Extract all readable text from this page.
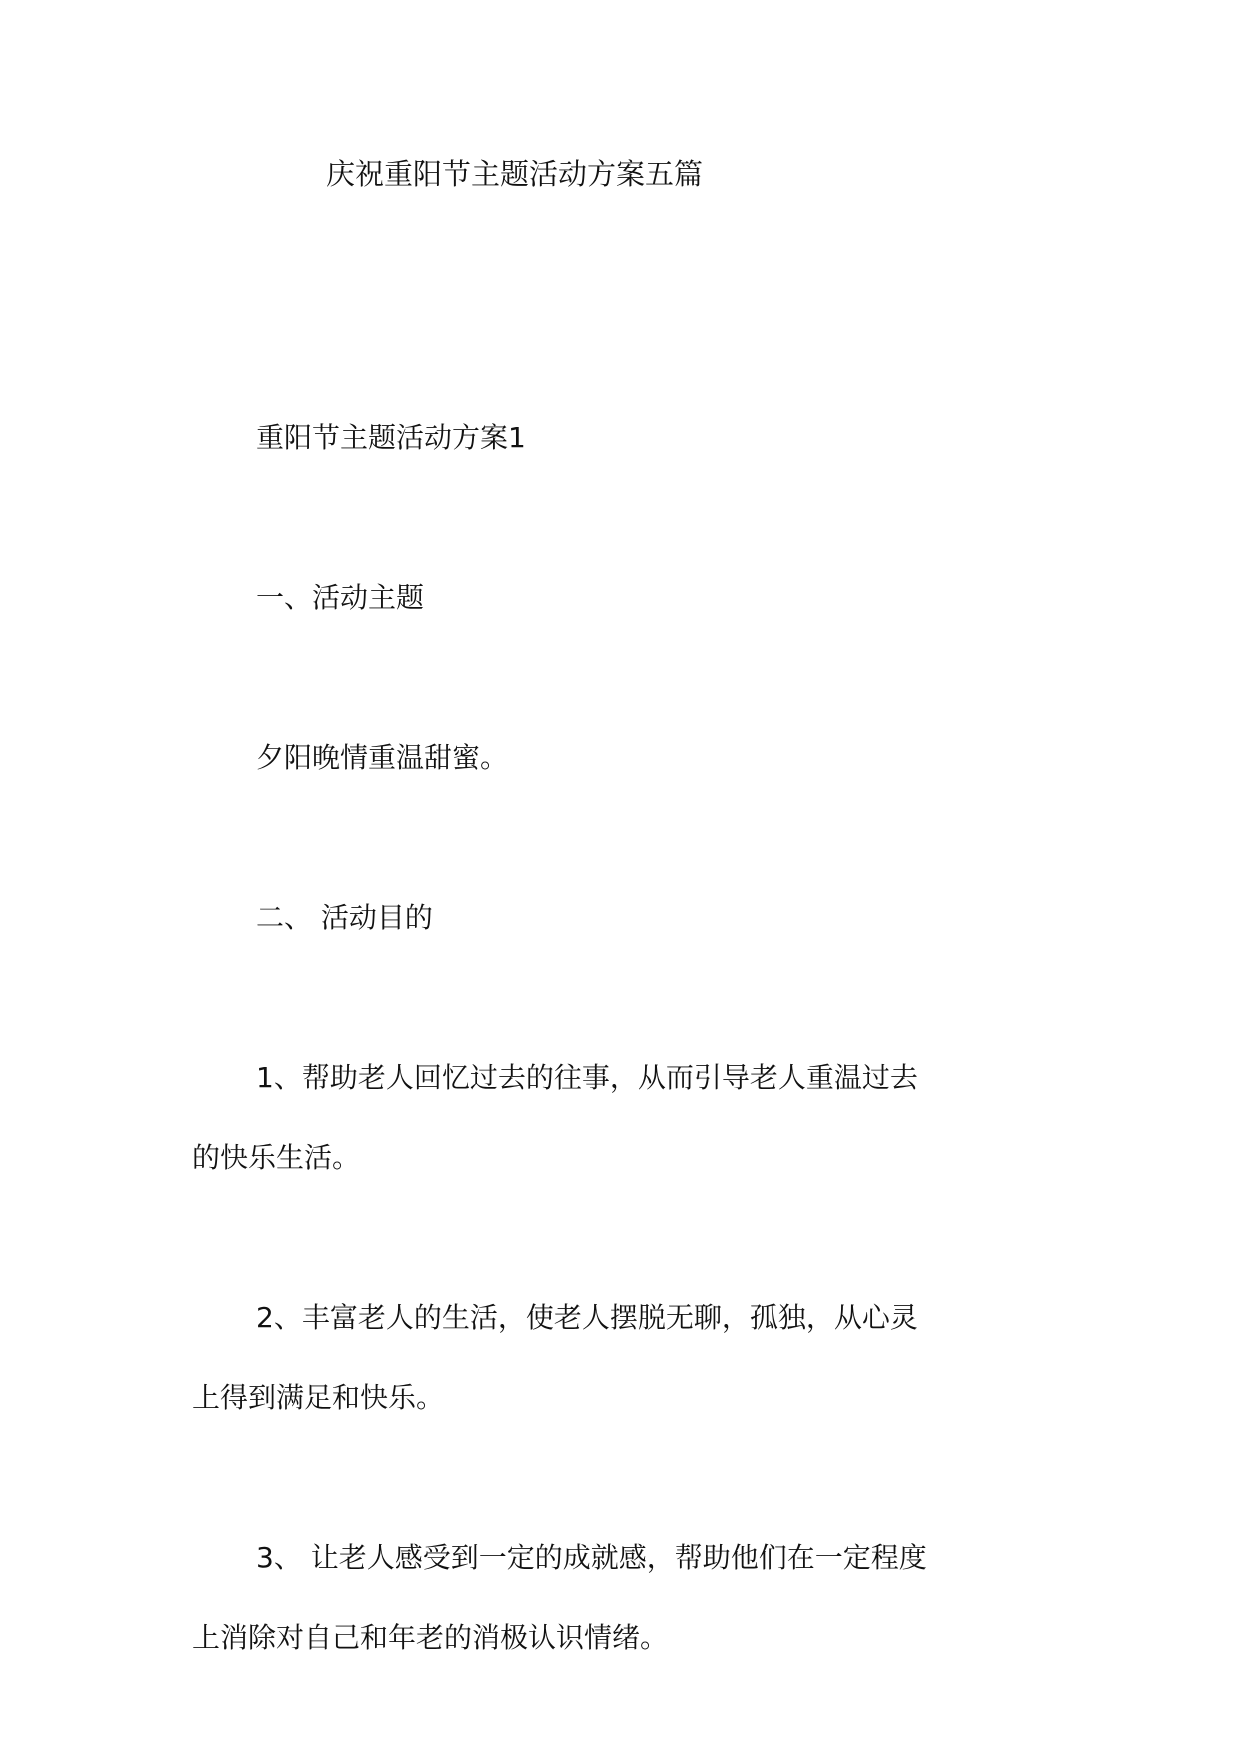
庆祝重阳节主题活动方案五篇
重阳节主题活动方案1
一、活动主题
夕阳晚情重温甜蜜。
二、 活动目的
1、帮助老人回忆过去的往事，从而引导老人重温过去
的快乐生活。
2、丰富老人的生活，使老人摆脱无聊，孤独，从心灵
上得到满足和快乐。
3、 让老人感受到一定的成就感，帮助他们在一定程度
上消除对自己和年老的消极认识情绪。
